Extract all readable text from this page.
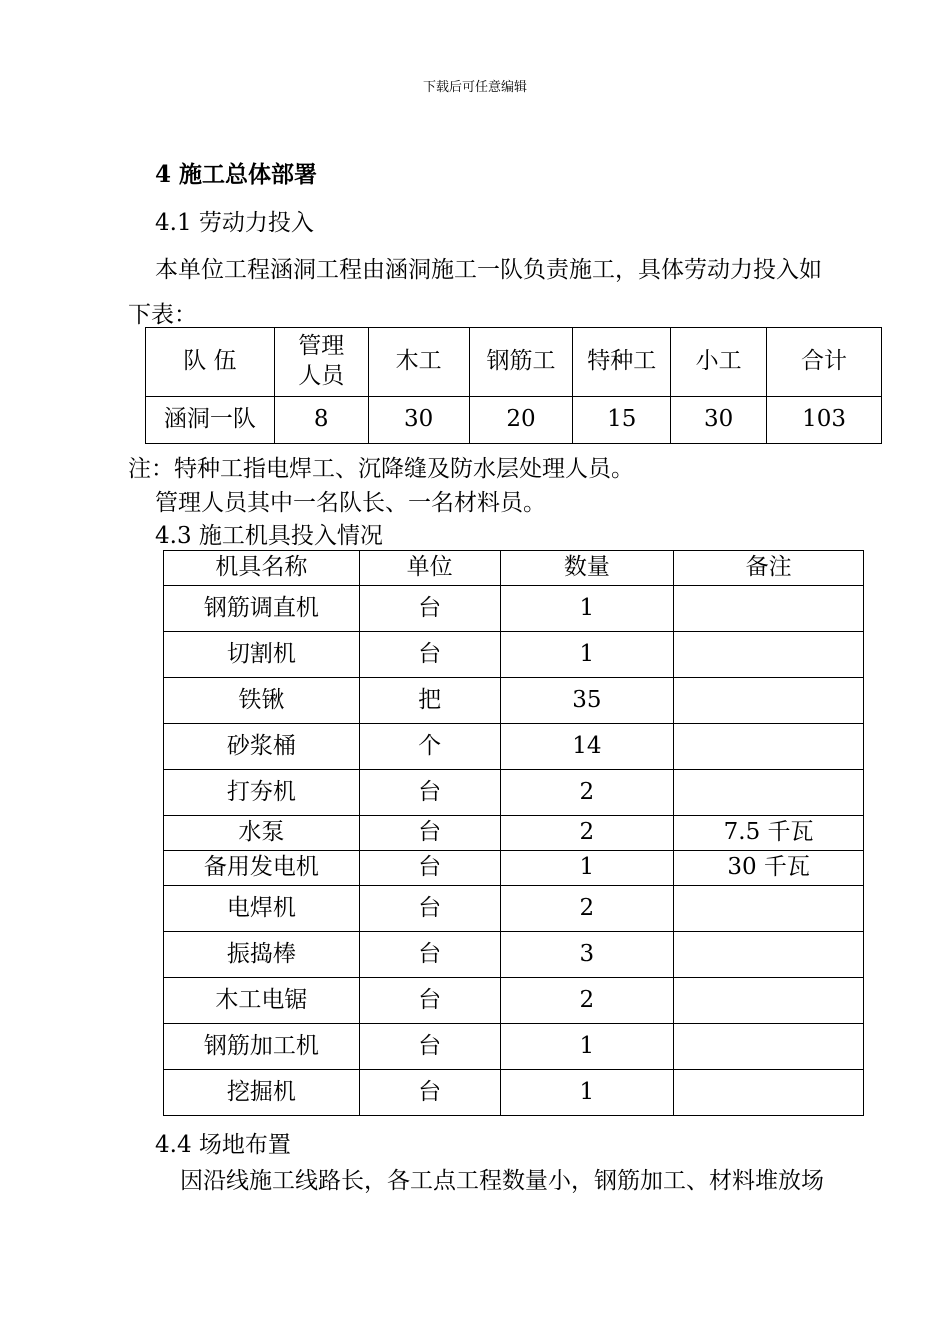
下载后可任意编辑
4 施工总体部署
4.1 劳动力投入
本单位工程涵洞工程由涵洞施工一队负责施工，具体劳动力投入如
下表：
队 伍	管理人员	木工	钢筋工	特种工	小工	合计
涵洞一队	8	30	20	15	30	103
注：特种工指电焊工、沉降缝及防水层处理人员。
管理人员其中一名队长、一名材料员。
4.3 施工机具投入情况
机具名称	单位	数量	备注
钢筋调直机	台	1	
切割机	台	1	
铁锹	把	35	
砂浆桶	个	14	
打夯机	台	2	
水泵	台	2	7.5 千瓦
备用发电机	台	1	30 千瓦
电焊机	台	2	
振捣棒	台	3	
木工电锯	台	2	
钢筋加工机	台	1	
挖掘机	台	1	
4.4 场地布置
因沿线施工线路长，各工点工程数量小，钢筋加工、材料堆放场
